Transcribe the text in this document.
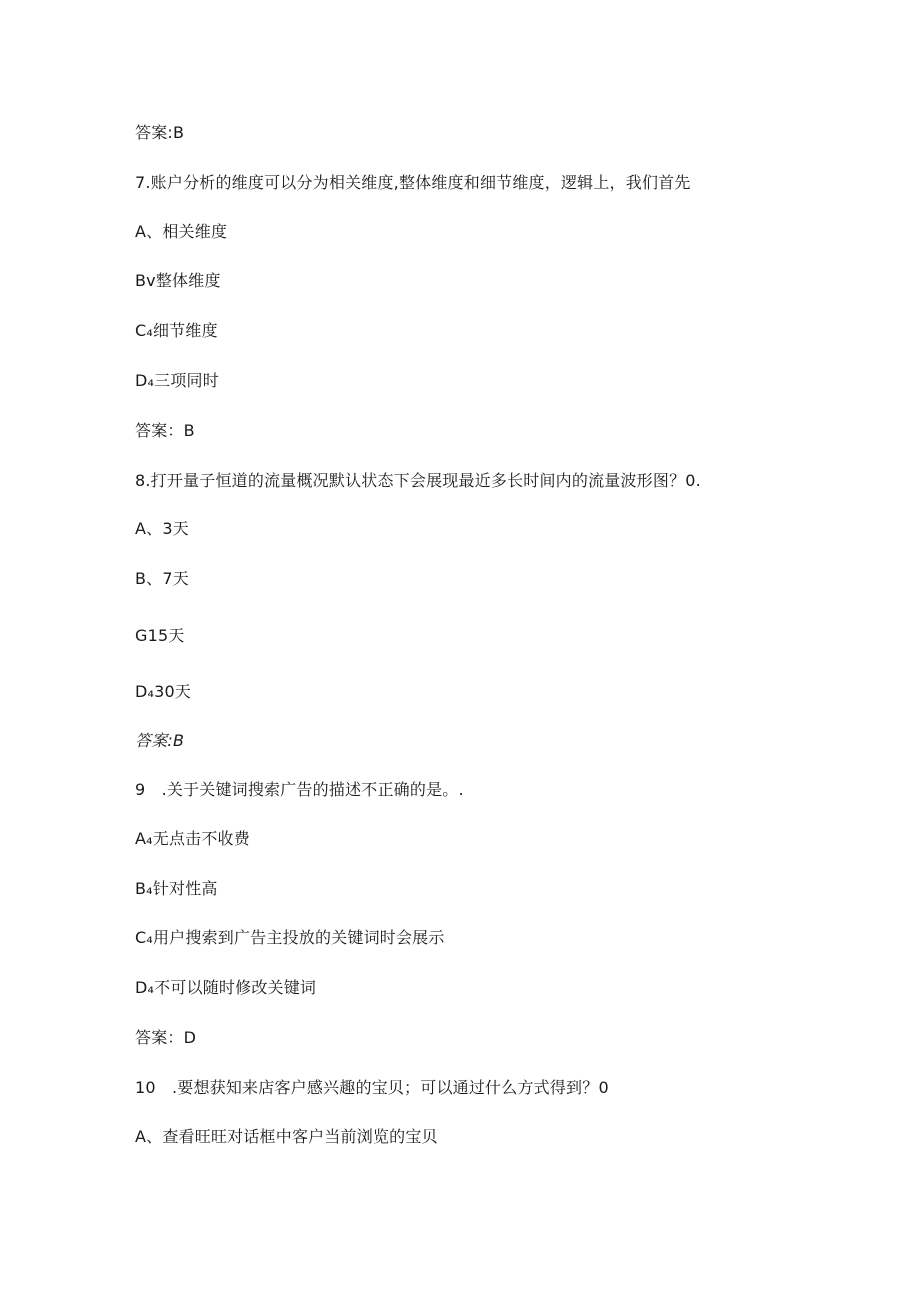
答案:B
7.账户分析的维度可以分为相关维度,整体维度和细节维度，逻辑上，我们首先
A、相关维度
Bv整体维度
C₄细节维度
D₄三项同时
答案：B
8.打开量子恒道的流量概况默认状态下会展现最近多长时间内的流量波形图？0.
A、3天
B、7天
G15天
D₄30天
答案:B
9　.关于关键词搜索广告的描述不正确的是。.
A₄无点击不收费
B₄针对性高
C₄用户搜索到广告主投放的关键词时会展示
D₄不可以随时修改关键词
答案：D
10　.要想获知来店客户感兴趣的宝贝；可以通过什么方式得到？0
A、查看旺旺对话框中客户当前浏览的宝贝
